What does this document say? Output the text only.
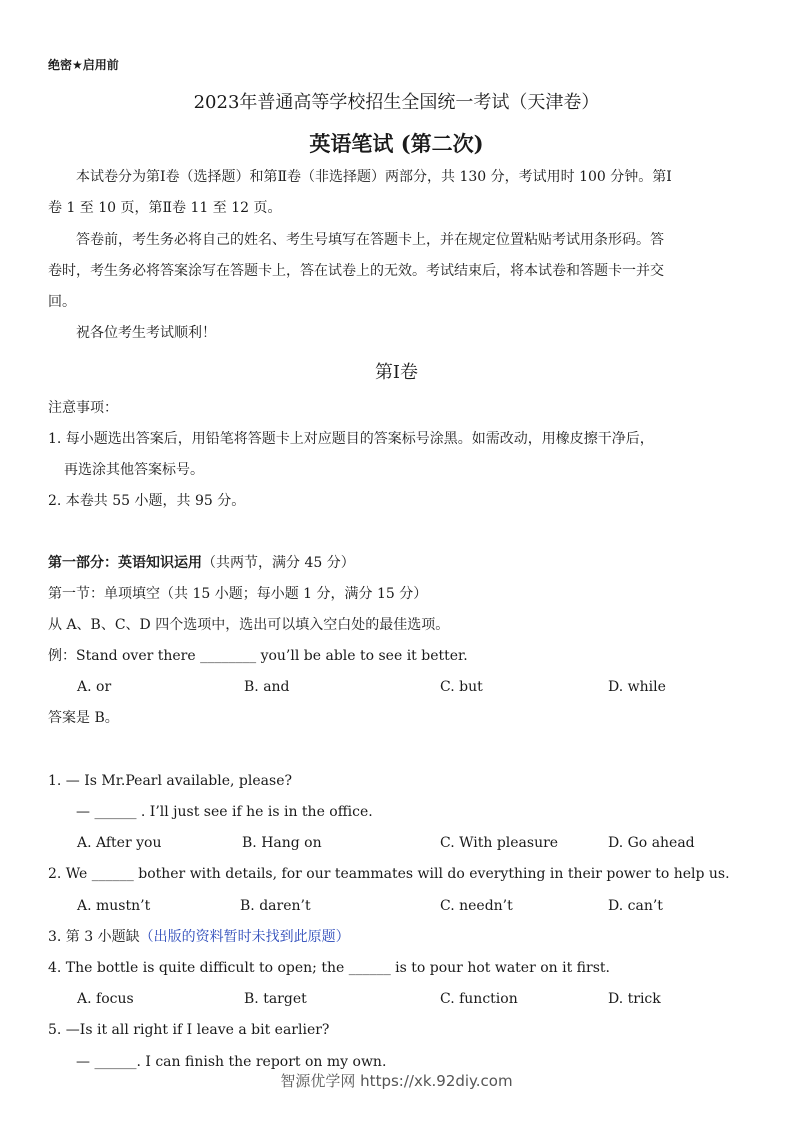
绝密★启用前
2023年普通高等学校招生全国统一考试（天津卷）
英语笔试 (第二次)
本试卷分为第Ⅰ卷（选择题）和第Ⅱ卷（非选择题）两部分，共 130 分，考试用时 100 分钟。第Ⅰ
卷 1 至 10 页，第Ⅱ卷 11 至 12 页。
答卷前，考生务必将自己的姓名、考生号填写在答题卡上，并在规定位置粘贴考试用条形码。答
卷时，考生务必将答案涂写在答题卡上，答在试卷上的无效。考试结束后，将本试卷和答题卡一并交
回。
祝各位考生考试顺利！
第Ⅰ卷
注意事项：
1. 每小题选出答案后，用铅笔将答题卡上对应题目的答案标号涂黑。如需改动，用橡皮擦干净后，
再选涂其他答案标号。
2. 本卷共 55 小题，共 95 分。
第一部分：英语知识运用（共两节，满分 45 分）
第一节：单项填空（共 15 小题；每小题 1 分，满分 15 分）
从 A、B、C、D 四个选项中，选出可以填入空白处的最佳选项。
例：Stand over there ________ you’ll be able to see it better.
A. or	B. and	C. but	D. while
答案是 B。
1. — Is Mr.Pearl available, please?
— ______ . I’ll just see if he is in the office.
A. After you	B. Hang on	C. With pleasure	D. Go ahead
2. We ______ bother with details, for our teammates will do everything in their power to help us.
A. mustn’t	B. daren’t	C. needn’t	D. can’t
3. 第 3 小题缺（出版的资料暂时未找到此原题）
4. The bottle is quite difficult to open; the ______ is to pour hot water on it first.
A. focus	B. target	C. function	D. trick
5. —Is it all right if I leave a bit earlier?
— ______. I can finish the report on my own.
智源优学网 https://xk.92diy.com
